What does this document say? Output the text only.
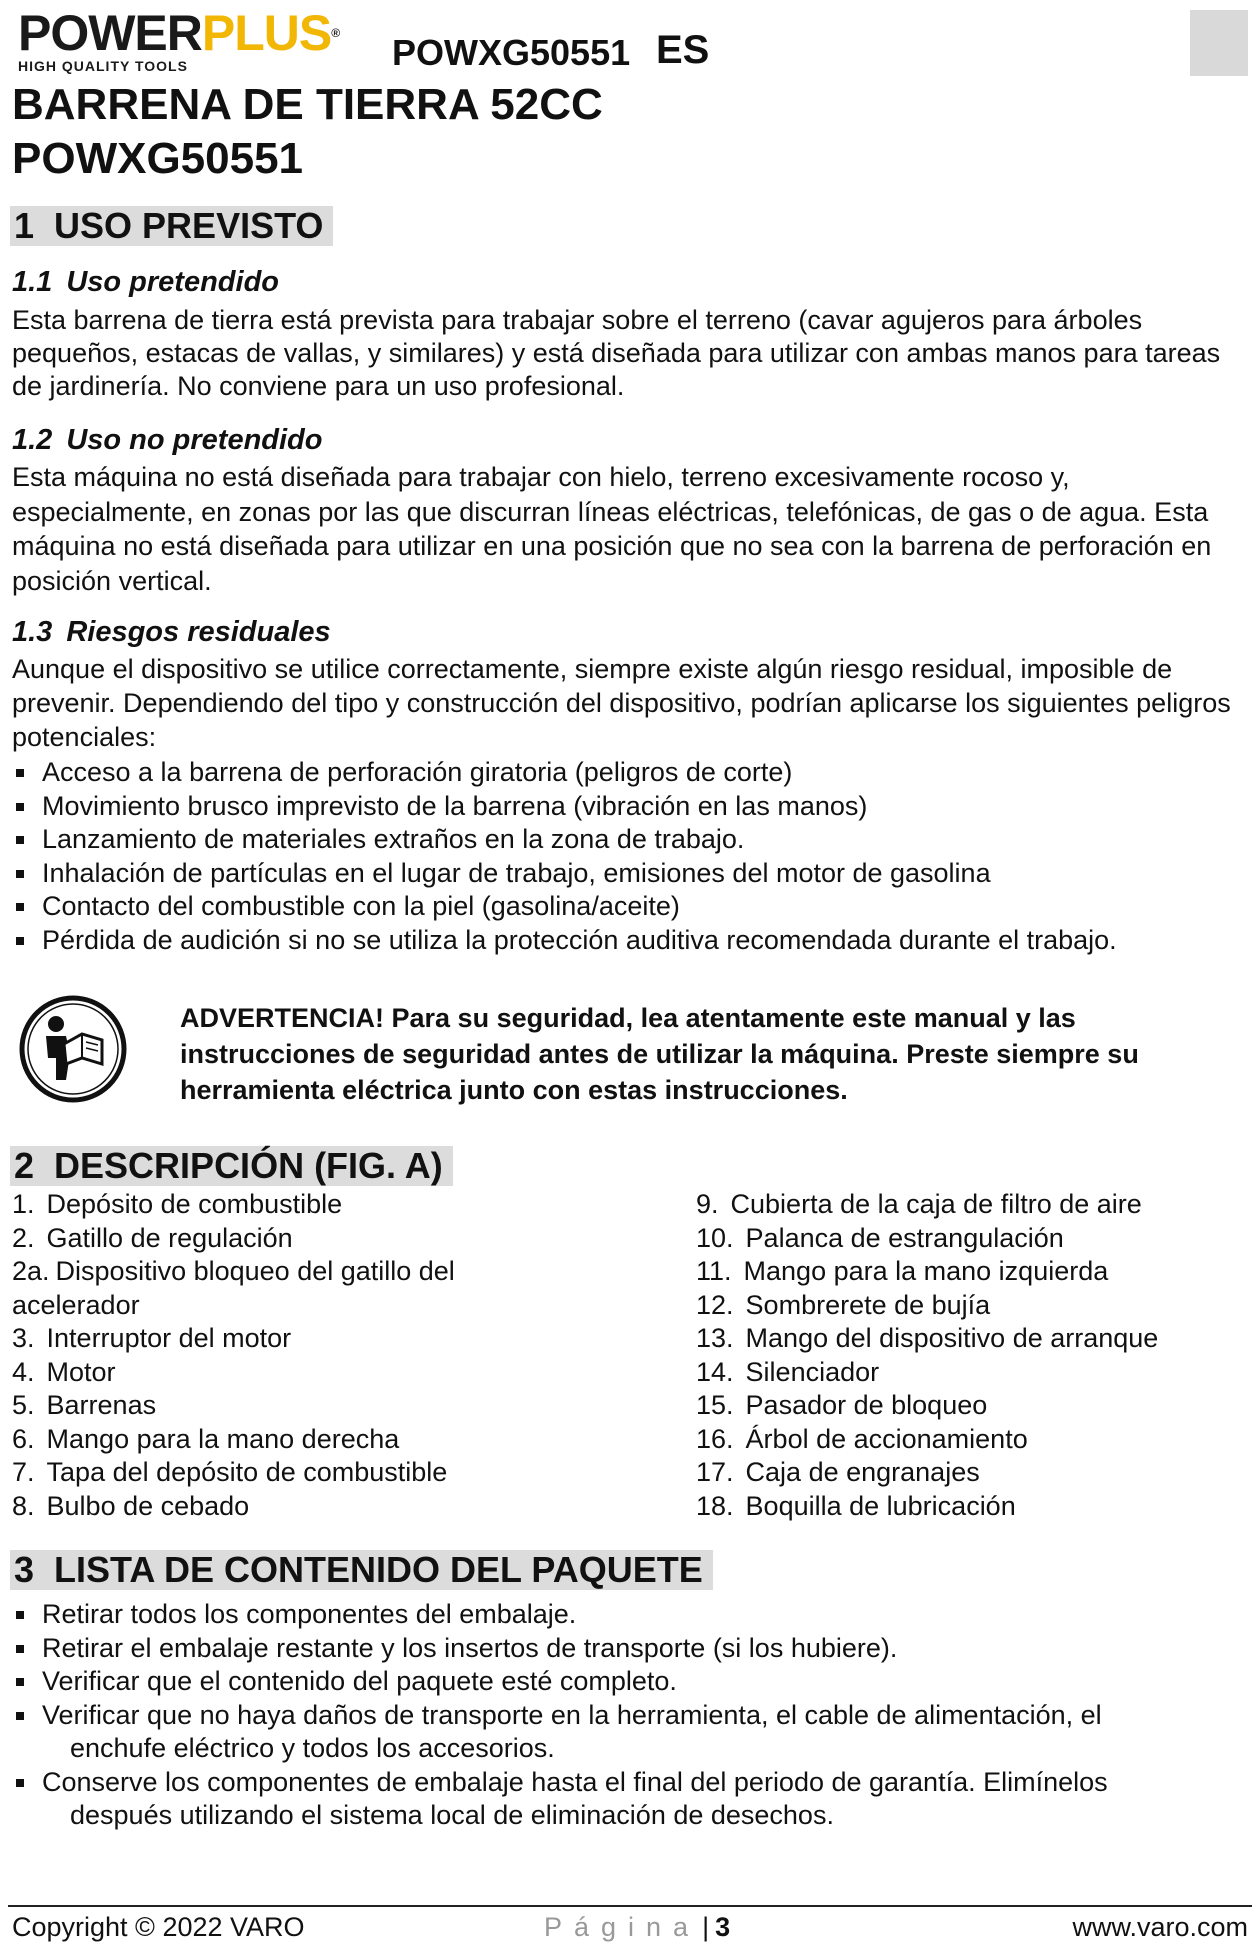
POWERPLUS®
HIGH QUALITY TOOLS	POWXG50551 ES
BARRENA DE TIERRA 52CC
POWXG50551
1 USO PREVISTO
1.1 Uso pretendido
Esta barrena de tierra está prevista para trabajar sobre el terreno (cavar agujeros para árboles pequeños, estacas de vallas, y similares) y está diseñada para utilizar con ambas manos para tareas de jardinería. No conviene para un uso profesional.
1.2 Uso no pretendido
Esta máquina no está diseñada para trabajar con hielo, terreno excesivamente rocoso y, especialmente, en zonas por las que discurran líneas eléctricas, telefónicas, de gas o de agua. Esta máquina no está diseñada para utilizar en una posición que no sea con la barrena de perforación en posición vertical.
1.3 Riesgos residuales
Aunque el dispositivo se utilice correctamente, siempre existe algún riesgo residual, imposible de prevenir. Dependiendo del tipo y construcción del dispositivo, podrían aplicarse los siguientes peligros potenciales:
Acceso a la barrena de perforación giratoria (peligros de corte)
Movimiento brusco imprevisto de la barrena (vibración en las manos)
Lanzamiento de materiales extraños en la zona de trabajo.
Inhalación de partículas en el lugar de trabajo, emisiones del motor de gasolina
Contacto del combustible con la piel (gasolina/aceite)
Pérdida de audición si no se utiliza la protección auditiva recomendada durante el trabajo.
ADVERTENCIA! Para su seguridad, lea atentamente este manual y las instrucciones de seguridad antes de utilizar la máquina. Preste siempre su herramienta eléctrica junto con estas instrucciones.
2 DESCRIPCIÓN (FIG. A)
1. Depósito de combustible
2. Gatillo de regulación
2a. Dispositivo bloqueo del gatillo del
acelerador
3. Interruptor del motor
4. Motor
5. Barrenas
6. Mango para la mano derecha
7. Tapa del depósito de combustible
8. Bulbo de cebado
9. Cubierta de la caja de filtro de aire
10. Palanca de estrangulación
11. Mango para la mano izquierda
12. Sombrerete de bujía
13. Mango del dispositivo de arranque
14. Silenciador
15. Pasador de bloqueo
16. Árbol de accionamiento
17. Caja de engranajes
18. Boquilla de lubricación
3 LISTA DE CONTENIDO DEL PAQUETE
Retirar todos los componentes del embalaje.
Retirar el embalaje restante y los insertos de transporte (si los hubiere).
Verificar que el contenido del paquete esté completo.
Verificar que no haya daños de transporte en la herramienta, el cable de alimentación, el
enchufe eléctrico y todos los accesorios.
Conserve los componentes de embalaje hasta el final del periodo de garantía. Elimínelos
después utilizando el sistema local de eliminación de desechos.
Copyright © 2022 VARO	Página| 3	www.varo.com
